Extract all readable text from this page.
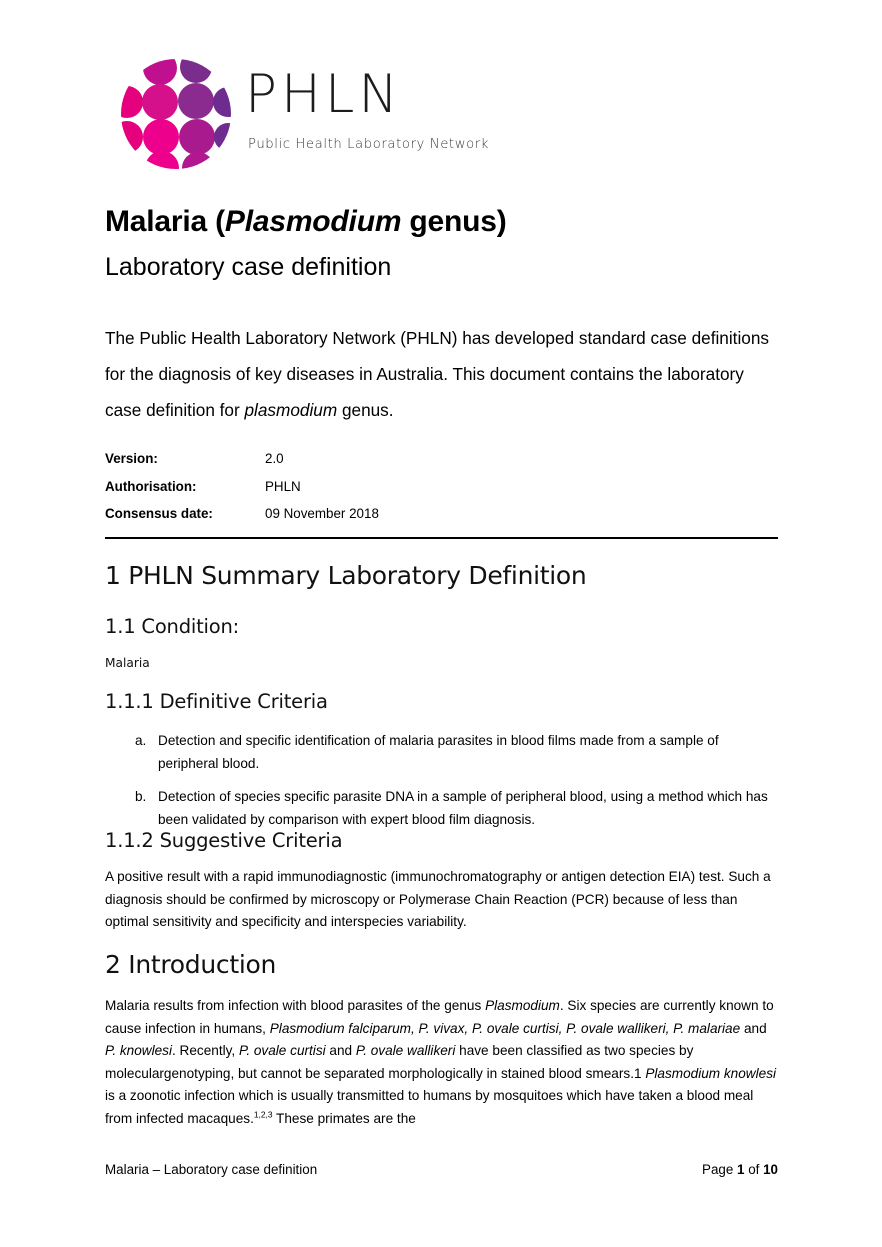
PHLN
Public Health Laboratory Network
Malaria (Plasmodium genus)
Laboratory case definition
The Public Health Laboratory Network (PHLN) has developed standard case definitions for the diagnosis of key diseases in Australia. This document contains the laboratory case definition for plasmodium genus.
Version:	2.0
Authorisation:	PHLN
Consensus date:	09 November 2018
1 PHLN Summary Laboratory Definition
1.1 Condition:
Malaria
1.1.1 Definitive Criteria
a. Detection and specific identification of malaria parasites in blood films made from a sample of peripheral blood.
b. Detection of species specific parasite DNA in a sample of peripheral blood, using a method which has been validated by comparison with expert blood film diagnosis.
1.1.2 Suggestive Criteria
A positive result with a rapid immunodiagnostic (immunochromatography or antigen detection EIA) test. Such a diagnosis should be confirmed by microscopy or Polymerase Chain Reaction (PCR) because of less than optimal sensitivity and specificity and interspecies variability.
2 Introduction
Malaria results from infection with blood parasites of the genus Plasmodium. Six species are currently known to cause infection in humans, Plasmodium falciparum, P. vivax, P. ovale curtisi, P. ovale wallikeri, P. malariae and P. knowlesi. Recently, P. ovale curtisi and P. ovale wallikeri have been classified as two species by moleculargenotyping, but cannot be separated morphologically in stained blood smears.1 Plasmodium knowlesi is a zoonotic infection which is usually transmitted to humans by mosquitoes which have taken a blood meal from infected macaques.$^{1,2,3}$ These primates are the
Malaria – Laboratory case definition	Page 1 of 10
